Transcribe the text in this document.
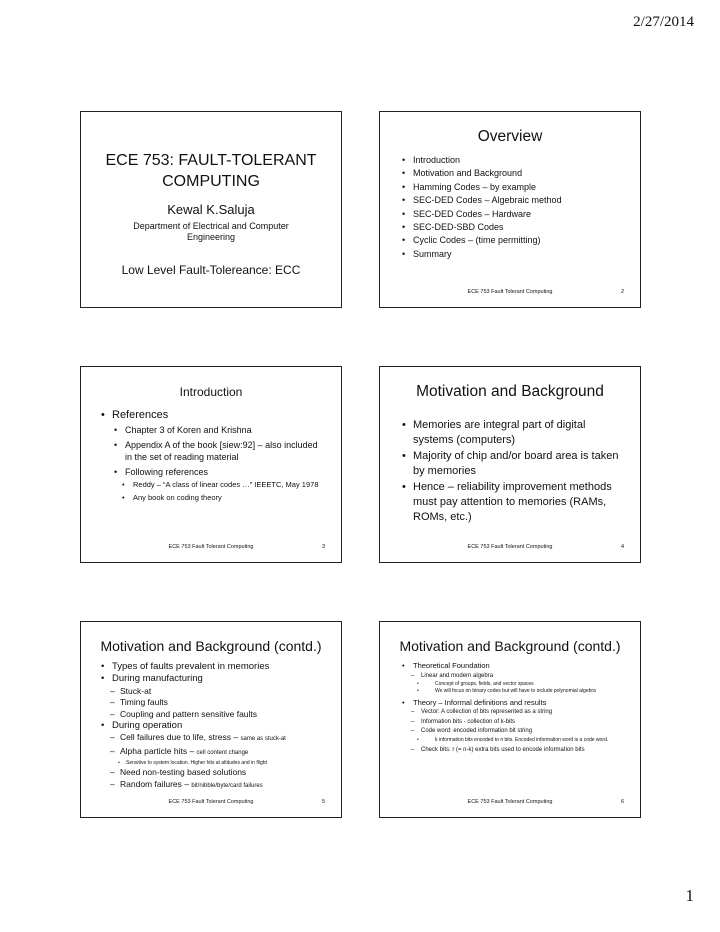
2/27/2014
ECE 753: FAULT-TOLERANT COMPUTING
Kewal K.Saluja
Department of Electrical and Computer Engineering
Low Level Fault-Tolereance: ECC
Overview
• Introduction
• Motivation and Background
• Hamming Codes – by example
• SEC-DED Codes – Algebraic method
• SEC-DED Codes – Hardware
• SEC-DED-SBD Codes
• Cyclic Codes – (time permitting)
• Summary
ECE 753 Fault Tolerant Computing	2
Introduction
• References
• Chapter 3 of Koren and Krishna
• Appendix A of the book [siew:92] – also included in the set of reading material
• Following references
• Reddy – “A class of linear codes …” IEEETC, May 1978
• Any book on coding theory
ECE 753 Fault Tolerant Computing	3
Motivation and Background
• Memories are integral part of digital systems (computers)
• Majority of chip and/or board area is taken by memories
• Hence – reliability improvement methods must pay attention to memories (RAMs, ROMs, etc.)
ECE 753 Fault Tolerant Computing	4
Motivation and Background (contd.)
• Types of faults prevalent in memories
• During manufacturing
– Stuck-at
– Timing faults
– Coupling and pattern sensitive faults
• During operation
– Cell failures due to life, stress – same as stuck-at
– Alpha particle hits – cell content change
• Sensitive to system location. Higher hits at altitudes and in flight
– Need non-testing based solutions
– Random failures – bit/nibble/byte/card failures
ECE 753 Fault Tolerant Computing	5
Motivation and Background (contd.)
• Theoretical Foundation
– Linear and modern algebra
• Concept of groups, fields, and vector spaces
• We will focus on binary codes but will have to include polynomial algebra
• Theory – Informal definitions and results
– Vector: A collection of bits represented as a string
– Information bits - collection of k-bits
– Code word: encoded information bit string
• k information bits encoded to n bits. Encoded information word is a code word.
– Check bits: r (= n-k) extra bits used to encode information bits
ECE 753 Fault Tolerant Computing	6
1
